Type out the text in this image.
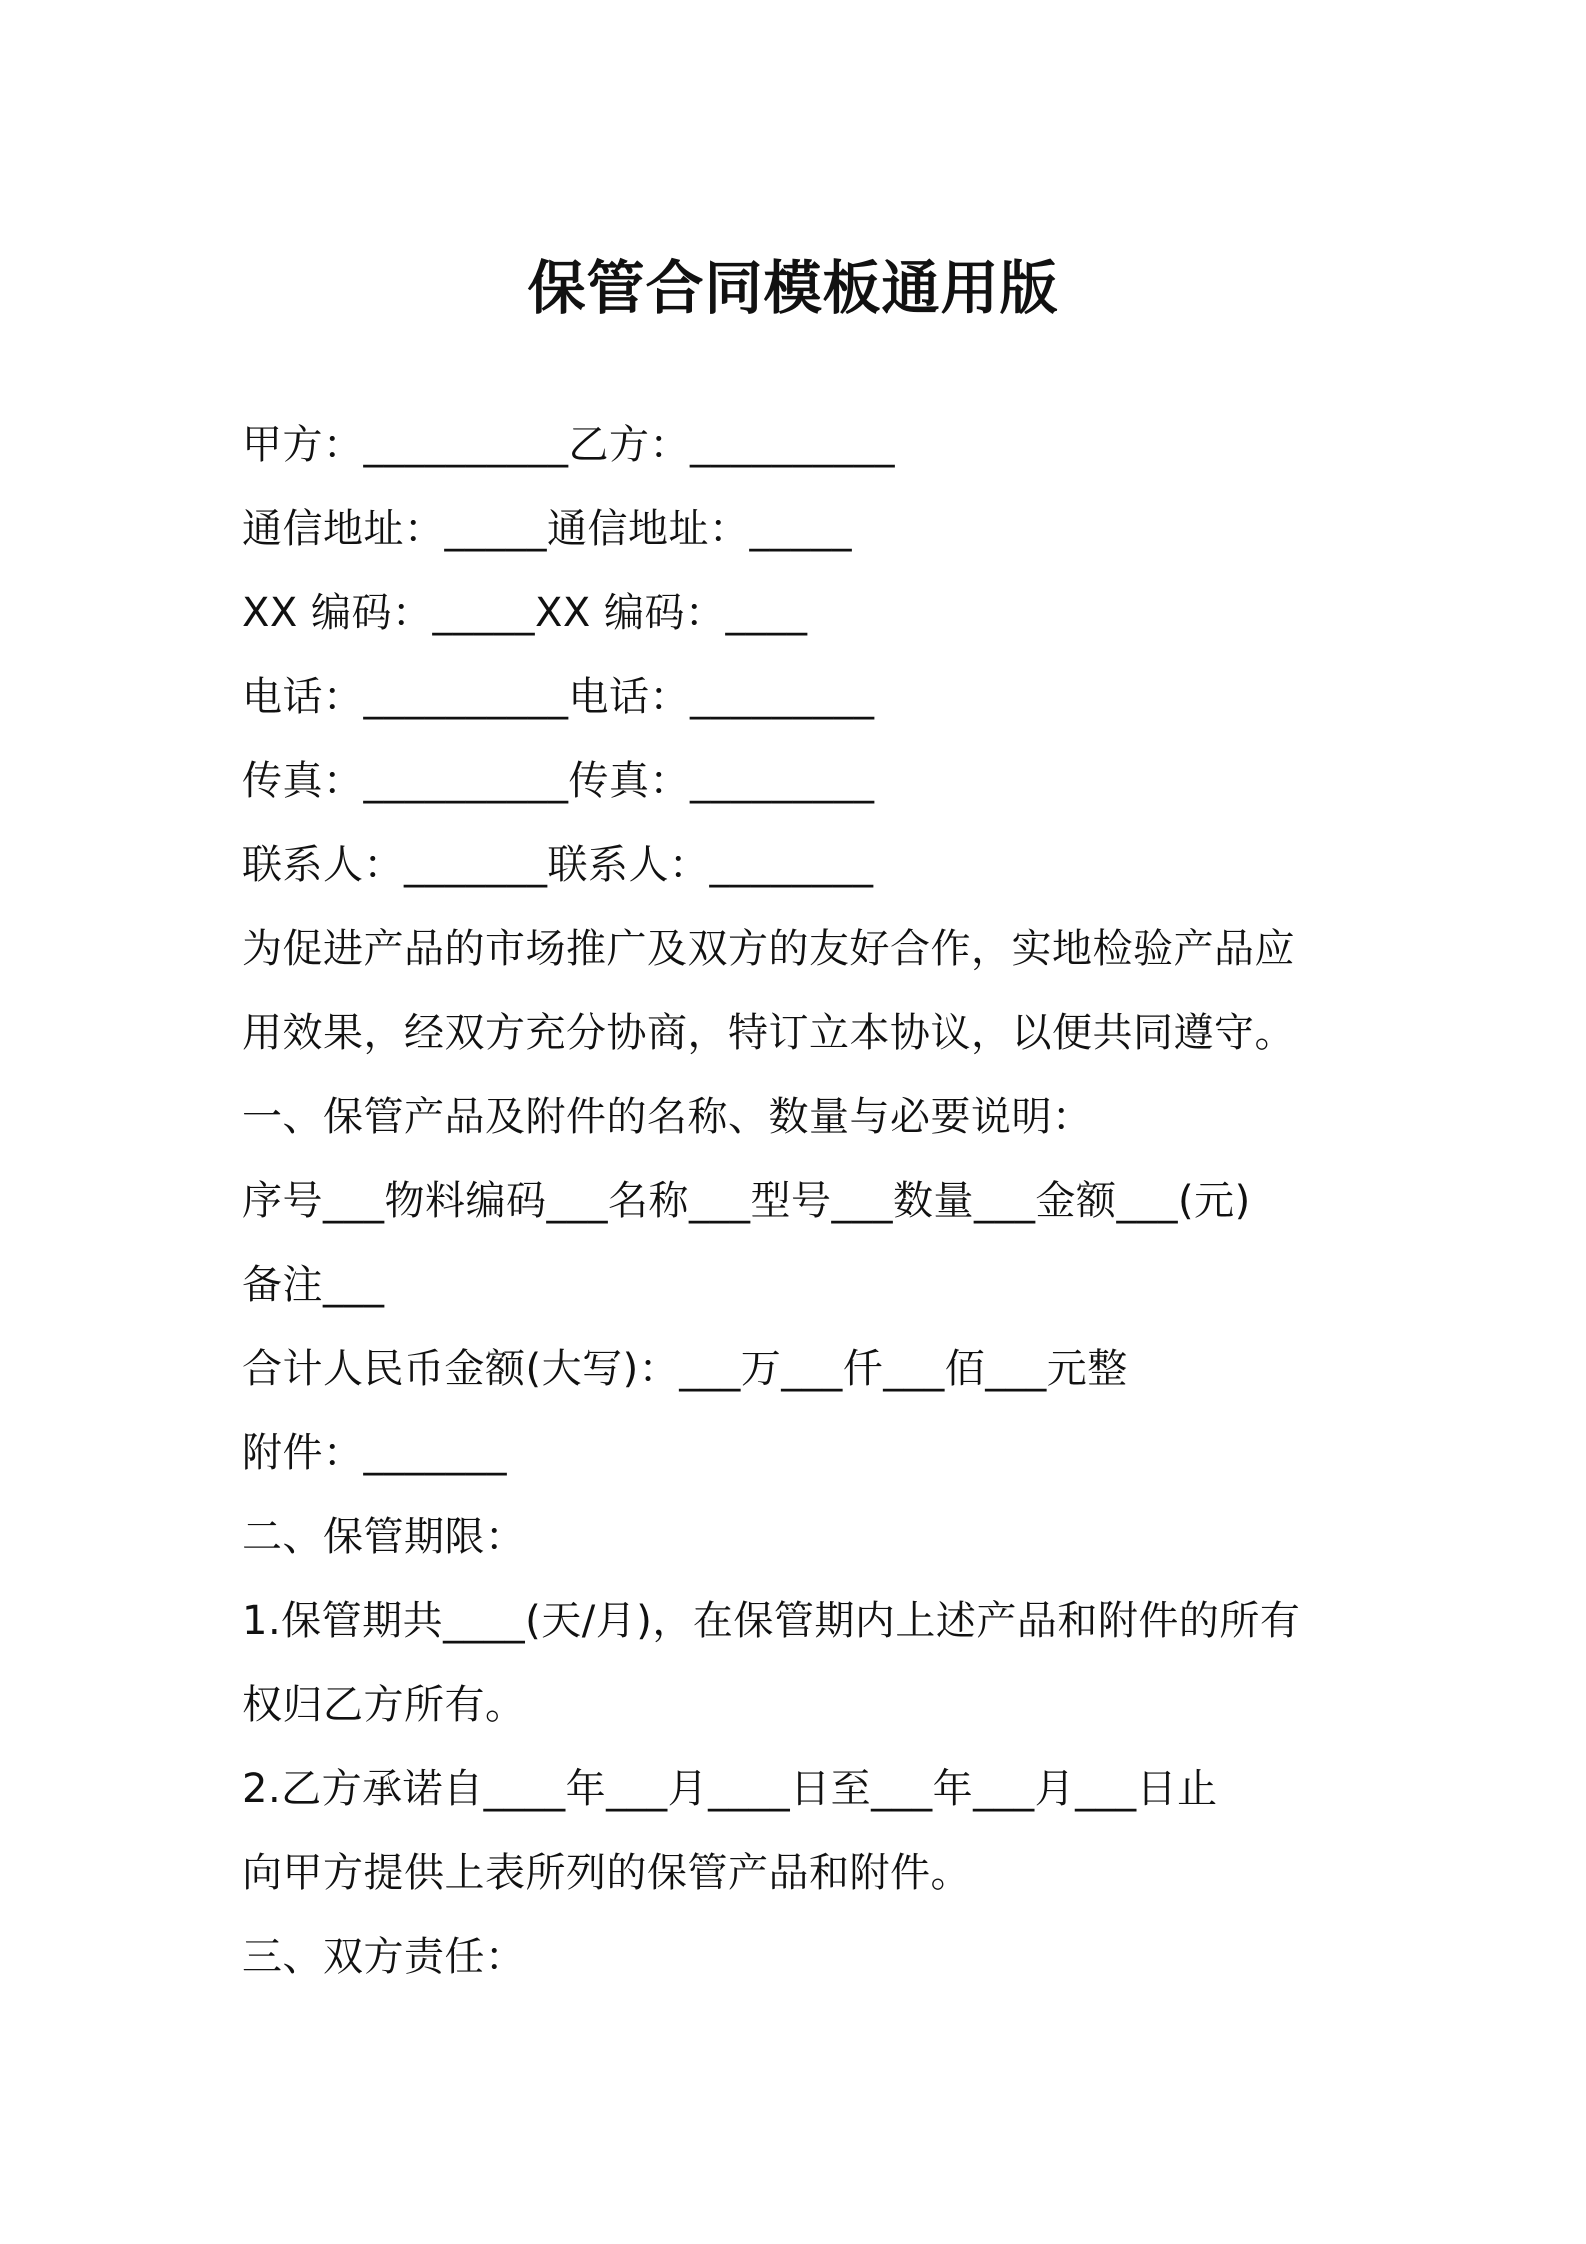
保管合同模板通用版
甲方：__________乙方：__________
通信地址：_____通信地址：_____
XX 编码：_____XX 编码：____
电话：__________电话：_________
传真：__________传真：_________
联系人：_______联系人：________
为促进产品的市场推广及双方的友好合作，实地检验产品应
用效果，经双方充分协商，特订立本协议，以便共同遵守。
一、保管产品及附件的名称、数量与必要说明：
序号___物料编码___名称___型号___数量___金额___(元)
备注___
合计人民币金额(大写)：___万___仟___佰___元整
附件：_______
二、保管期限：
1.保管期共____(天/月)，在保管期内上述产品和附件的所有
权归乙方所有。
2.乙方承诺自____年___月____日至___年___月___日止
向甲方提供上表所列的保管产品和附件。
三、双方责任：
